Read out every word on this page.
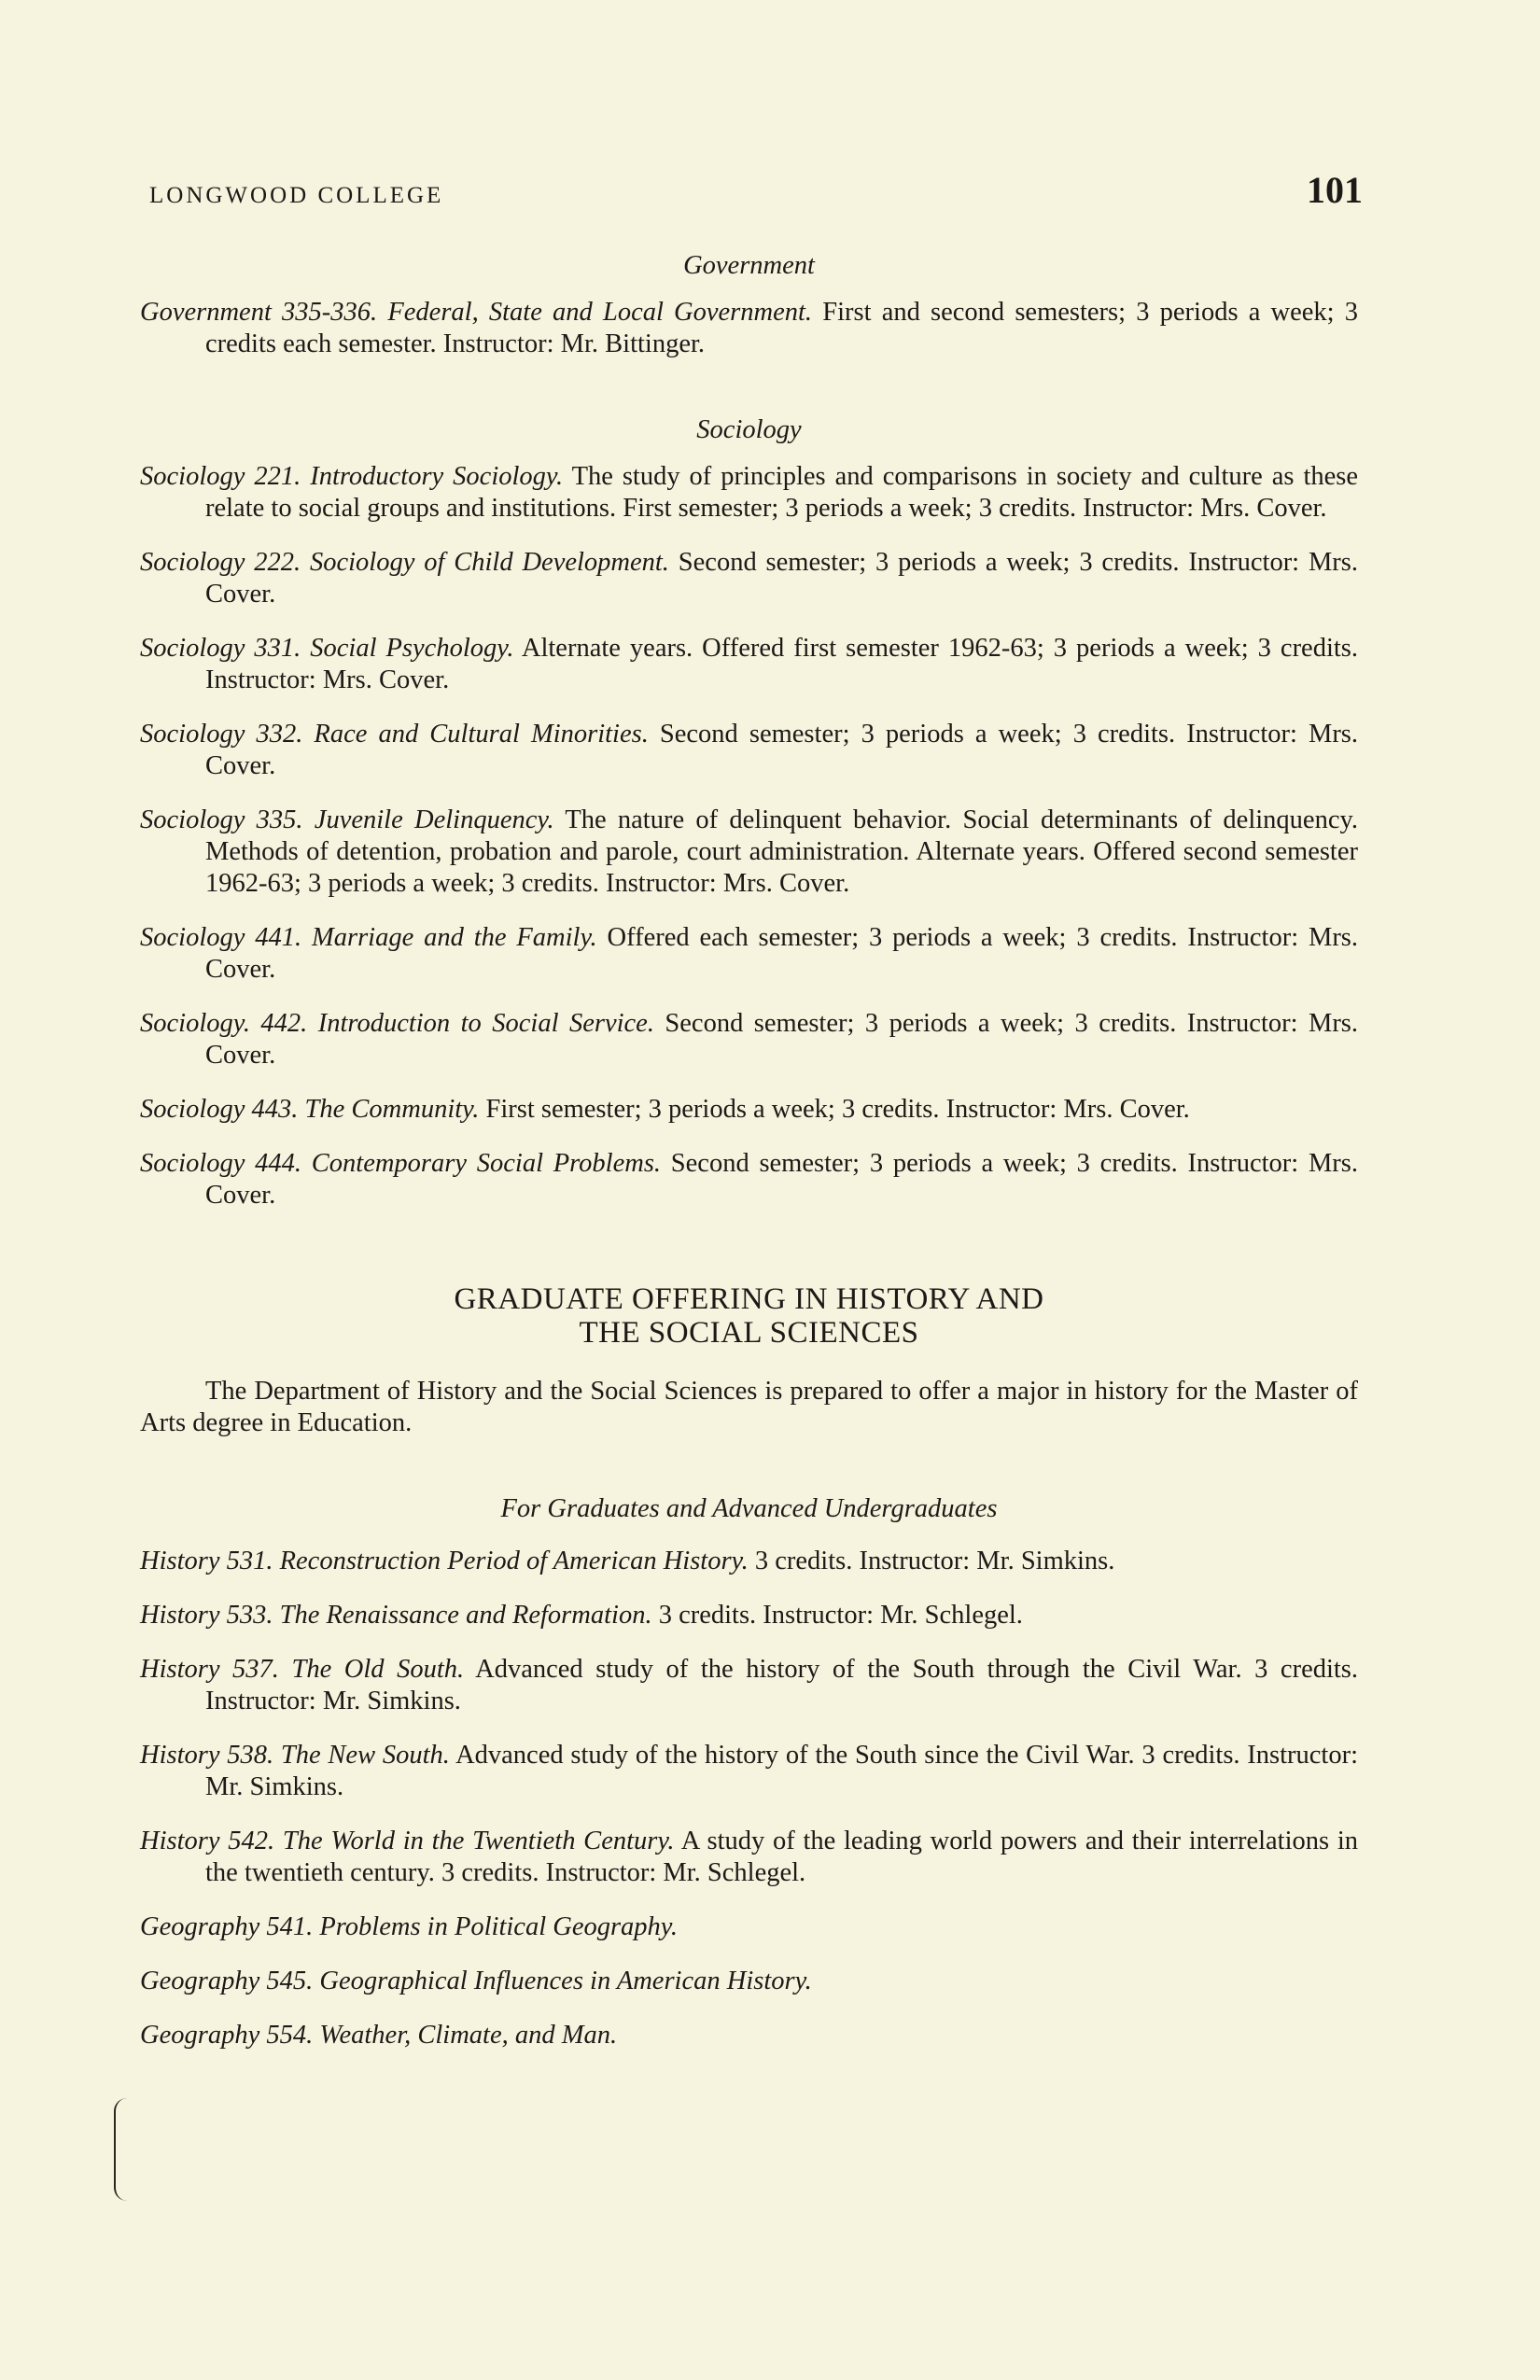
LONGWOOD COLLEGE	101

Government

Government 335-336. Federal, State and Local Government. First and second semesters; 3 periods a week; 3 credits each semester. Instructor: Mr. Bittinger.

Sociology

Sociology 221. Introductory Sociology. The study of principles and comparisons in society and culture as these relate to social groups and institutions. First semester; 3 periods a week; 3 credits. Instructor: Mrs. Cover.

Sociology 222. Sociology of Child Development. Second semester; 3 periods a week; 3 credits. Instructor: Mrs. Cover.

Sociology 331. Social Psychology. Alternate years. Offered first semester 1962-63; 3 periods a week; 3 credits. Instructor: Mrs. Cover.

Sociology 332. Race and Cultural Minorities. Second semester; 3 periods a week; 3 credits. Instructor: Mrs. Cover.

Sociology 335. Juvenile Delinquency. The nature of delinquent behavior. Social determinants of delinquency. Methods of detention, probation and parole, court administration. Alternate years. Offered second semester 1962-63; 3 periods a week; 3 credits. Instructor: Mrs. Cover.

Sociology 441. Marriage and the Family. Offered each semester; 3 periods a week; 3 credits. Instructor: Mrs. Cover.

Sociology. 442. Introduction to Social Service. Second semester; 3 periods a week; 3 credits. Instructor: Mrs. Cover.

Sociology 443. The Community. First semester; 3 periods a week; 3 credits. Instructor: Mrs. Cover.

Sociology 444. Contemporary Social Problems. Second semester; 3 periods a week; 3 credits. Instructor: Mrs. Cover.

GRADUATE OFFERING IN HISTORY AND

THE SOCIAL SCIENCES

The Department of History and the Social Sciences is prepared to offer a major in history for the Master of Arts degree in Education.

For Graduates and Advanced Undergraduates

History 531. Reconstruction Period of American History. 3 credits. Instructor: Mr. Simkins.

History 533. The Renaissance and Reformation. 3 credits. Instructor: Mr. Schlegel.

History 537. The Old South. Advanced study of the history of the South through the Civil War. 3 credits. Instructor: Mr. Simkins.

History 538. The New South. Advanced study of the history of the South since the Civil War. 3 credits. Instructor: Mr. Simkins.

History 542. The World in the Twentieth Century. A study of the leading world powers and their interrelations in the twentieth century. 3 credits. Instructor: Mr. Schlegel.

Geography 541. Problems in Political Geography.

Geography 545. Geographical Influences in American History.

Geography 554. Weather, Climate, and Man.
